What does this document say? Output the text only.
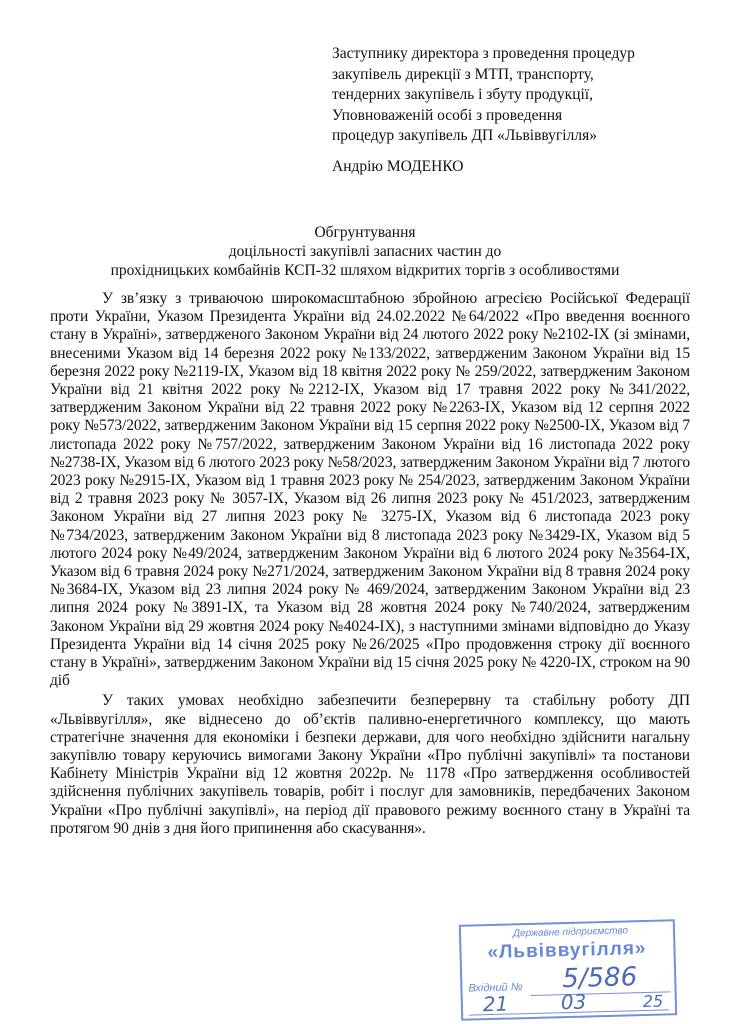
Заступнику директора з проведення процедур
закупівель дирекції з МТП, транспорту,
тендерних закупівель і збуту продукції,
Уповноваженій особі з проведення
процедур закупівель ДП «Львіввугілля»
Андрію МОДЕНКО
Обгрунтування
доцільності закупівлі запасних частин до
прохідницьких комбайнів КСП-32 шляхом відкритих торгів з особливостями

У зв’язку з триваючою широкомасштабною збройною агресією Російської Федерації проти України, Указом Президента України від 24.02.2022 №64/2022 «Про введення воєнного стану в Україні», затвердженого Законом України від 24 лютого 2022 року №2102-IX (зі змінами, внесеними Указом від 14 березня 2022 року №133/2022, затвердженим Законом України від 15 березня 2022 року №2119-IX, Указом від 18 квітня 2022 року № 259/2022, затвердженим Законом України від 21 квітня 2022 року №2212-IX, Указом від 17 травня 2022 року №341/2022, затвердженим Законом України від 22 травня 2022 року №2263-IX, Указом від 12 серпня 2022 року №573/2022, затвердженим Законом України від 15 серпня 2022 року №2500-IX, Указом від 7 листопада 2022 року №757/2022, затвердженим Законом України від 16 листопада 2022 року №2738-IX, Указом від 6 лютого 2023 року №58/2023, затвердженим Законом України від 7 лютого 2023 року №2915-IX, Указом від 1 травня 2023 року № 254/2023, затвердженим Законом України від 2 травня 2023 року № 3057-IX, Указом від 26 липня 2023 року № 451/2023, затвердженим Законом України від 27 липня 2023 року № 3275-IX, Указом від 6 листопада 2023 року №734/2023, затвердженим Законом України від 8 листопада 2023 року №3429-IX, Указом від 5 лютого 2024 року №49/2024, затвердженим Законом України від 6 лютого 2024 року №3564-IX, Указом від 6 травня 2024 року №271/2024, затвердженим Законом України від 8 травня 2024 року №3684-IX, Указом від 23 липня 2024 року № 469/2024, затвердженим Законом України від 23 липня 2024 року №3891-IX, та Указом від 28 жовтня 2024 року №740/2024, затвердженим Законом України від 29 жовтня 2024 року №4024-IX), з наступними змінами відповідно до Указу Президента України від 14 січня 2025 року №26/2025 «Про продовження строку дії воєнного стану в Україні», затвердженим Законом України від 15 січня 2025 року № 4220-IX, строком на 90 діб

У таких умовах необхідно забезпечити безперервну та стабільну роботу ДП «Львіввугілля», яке віднесено до об’єктів паливно-енергетичного комплексу, що мають стратегічне значення для економіки і безпеки держави, для чого необхідно здійснити нагальну закупівлю товару керуючись вимогами Закону України «Про публічні закупівлі» та постанови Кабінету Міністрів України від 12 жовтня 2022р. № 1178 «Про затвердження особливостей здійснення публічних закупівель товарів, робіт і послуг для замовників, передбачених Законом України «Про публічні закупівлі», на період дії правового режиму воєнного стану в Україні та протягом 90 днів з дня його припинення або скасування».

Державне підприємство
«Львіввугілля»
Вхідний № 5/586
21	03	25
